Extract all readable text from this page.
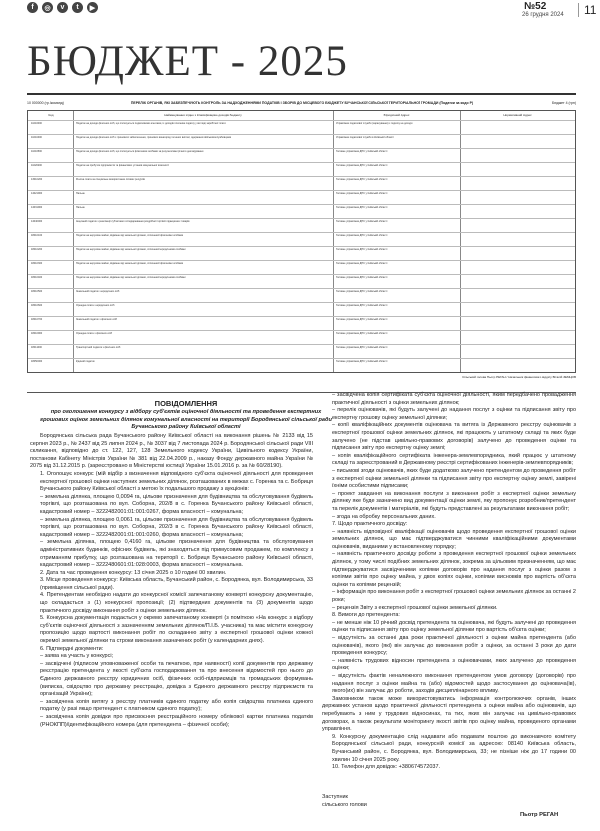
f	◎	v	t	▶	№52
26 грудня 2024 11
БЮДЖЕТ - 2025
10 000000 (гр.Ікоманд)	ПЕРЕЛІК ОРГАНІВ, ЯКІ ЗАБЕЗПЕЧУЮТЬ КОНТРОЛЬ ЗА НАДХОДЖЕННЯМИ ПОДАТКІВ І ЗБОРІВ ДО МІСЦЕВОГО БЮДЖЕТУ БУЧАНСЬКОЇ СІЛЬСЬКОЇ ТЕРИТОРІАЛЬНОЇ ГРОМАДИ (Податки за кодо Р)	Бюджет 4 (грн)
Код	Найменування згідно з Класифікацією доходів бюджету	Юридичний Адрес	Нормативний Адрес
11010000	Податок на доходи фізичних осіб, що сплачується податковими агентами, із доходів платника податку у вигляді заробітної плати	Управління податкової служби (зарахування) з податку на доходи
11010400	Податок на доходи фізичних осіб з грошового забезпечення, грошових винагород та інших виплат, одержаних військовослужбовцями	Управління податкової служби в Київській області
11010500	Податок на доходи фізичних осіб, що сплачується фізичними особами за результатами річного декларування	Головне управління ДПС у Київській області
11020200	Податок на прибуток підприємств та фінансових установ комунальної власності	Головне управління ДПС у Київській області
13010200	Рентна плата за спеціальне використання лісових ресурсів	Головне управління ДПС у Київській області
14021900	Пальне	Головне управління ДПС у Київській області
14031900	Пальне	Головне управління ДПС у Київській області
14040000	Акцизний податок з реалізації суб'єктами господарювання роздрібної торгівлі підакцизних товарів	Головне управління ДПС у Київській області
18010100	Податок на нерухоме майно, відмінне від земельної ділянки, сплачений фізичними особами	Головне управління ДПС у Київській області
18010200	Податок на нерухоме майно, відмінне від земельної ділянки, сплачений юридичними особами	Головне управління ДПС у Київській області
18010300	Податок на нерухоме майно, відмінне від земельної ділянки, сплачений фізичними особами	Головне управління ДПС у Київській області
18010400	Податок на нерухоме майно, відмінне від земельної ділянки, сплачений юридичними особами	Головне управління ДПС у Київській області
18010500	Земельний податок з юридичних осіб	Головне управління ДПС у Київській області
18010600	Орендна плата з юридичних осіб	Головне управління ДПС у Київській області
18010700	Земельний податок з фізичних осіб	Головне управління ДПС у Київській області
18010900	Орендна плата з фізичних осіб	Головне управління ДПС у Київській області
18011000	Транспортний податок з фізичних осіб	Головне управління ДПС у Київській області
18050000	Єдиний податок	Головне управління ДПС у Київській області
Сільський голова Пьотр РЕГАН / Начальник фінансового відділу Віталій ЗЕМЦОВ
ПОВІДОМЛЕННЯ
про оголошення конкурсу з відбору суб'єктів оціночної діяльності та проведення експертних грошових оцінок земельних ділянок комунальної власності на території Бородянської сільської ради Бучанського району Київської області

Бородянська сільська рада Бучанського району Київської області на виконання рішень № 2133 від 15 серпня 2023 р., № 2437 від 25 липня 2024 р., № 3037 від 7 листопада 2024 р. Бородянської сільської ради VIII скликання, відповідно до ст. 122, 127, 128 Земельного кодексу України, Цивільного кодексу України, постанови Кабінету Міністрів України № 381 від 22.04.2009 р., наказу Фонду державного майна України № 2075 від 31.12.2015 р. (зареєстровано в Міністерстві юстиції України 15.01.2016 р. за № 60/28190).

1. Оголошує конкурс (мій відбір з визначення відповідного суб'єкта оціночної діяльності для проведення експертної грошової оцінки наступних земельних ділянок, розташованих в межах с. Горенка та с. Бобриця Бучанського району Київської області з метою їх подальшого продажу з аукціонів:

– земельна ділянка, площею 0,0094 га, цільове призначення для будівництва та обслуговування будівель торгівлі, що розташована по вул. Соборна, 202/8 в с. Горенка Бучанського району Київської області, кадастровий номер – 3222482001:01:001:0267, форма власності – комунальна;

– земельна ділянка, площею 0,0061 га, цільове призначення для будівництва та обслуговування будівель торгівлі, що розташована по вул. Соборна, 202/3 в с. Горенка Бучанського району Київської області, кадастровий номер – 3222482001:01:001:0260, форма власності – комунальна;

– земельна ділянка, площею 0,4160 га, цільове призначення для будівництва та обслуговування адміністративних будинків, офісних будівель, які знаходяться під примусовим продажем, по комплексу з отриманням прибутку, що розташована на території с. Бобриця Бучанського району Київської області, кадастровий номер – 3222480601:01:028:0003, форма власності – комунальна.

2. Дата та час проведення конкурсу: 13 січня 2025 о 10 годині 00 хвилин.

3. Місце проведення конкурсу: Київська область, Бучанський район, с. Бородянка, вул. Володимирська, 33 (приміщення сільської ради).

4. Претендентам необхідно надати до конкурсної комісії запечатаному конверті конкурсну документацію, що складається з (1) конкурсної пропозиції; (2) підтвердних документів та (3) документів щодо практичного досвіду виконання робіт з оцінки земельних ділянок.

5. Конкурсна документація подається у окремо запечатаному конверті (з поміткою «На конкурс з відбору суб'єктів оціночної діяльності з зазначенням земельних ділянок/П.І.Б. учасника) та має містити конкурсну пропозицію щодо вартості виконання робіт по складанню звіту з експертної грошової оцінки кожної окремої земельної ділянки та строки виконання зазначених робіт (у календарних днях).

6. Підтвердні документи:

– заява на участь у конкурсі;

– засвідчені (підписом уповноваженої особи та печаткою, при наявності) копії документів про державну реєстрацію претендента у якості суб'єкта господарювання та про внесення відомостей про нього до Єдиного державного реєстру юридичних осіб, фізичних осіб-підприємців та громадських формувань (виписка, свідоцтво про державну реєстрацію, довідка з Єдиного державного реєстру підприємств та організацій України);

– засвідчена копія витягу з реєстру платників єдиного податку або копія свідоцтва платника єдиного податку (у разі якщо претендент є платником єдиного податку);

– засвідчена копія довідки про присвоєння реєстраційного номеру облікової картки платника податків (РНОКПП)/ідентифікаційного номера (для претендента – фізичної особи);

– засвідчена копія сертифіката суб'єкта оціночної діяльності, яким передбачено провадження практичної діяльності з оцінки земельних ділянок;

– перелік оцінювачів, які будуть залучені до надання послуг з оцінки та підписання звіту про експертну грошову оцінку земельної ділянки;

– копії кваліфікаційних документів оцінювача та витяга із Державного реєстру оцінювачів з експертної грошової оцінки земельних ділянок, які працюють у штатному складі та яких буде залучено (не підстав цивільно-правових договорів) залучено до проведення оцінки та підписання звіту про експертну оцінку землі;

– копія кваліфікаційного сертифіката інженера-землевпорядника, який працює у штатному складі та зареєстрований в Державному реєстрі сертифікованих інженерів-землевпорядників;

– письмові згоди оцінювачів, яких буде додатково залучено претендентом до проведення робіт з експертної оцінки земельної ділянки та підписання звіту про експертну оцінку землі, завірені їхніми особистими підписами;

– проект завдання на виконання послуги з виконання робіт з експертної оцінки земельну ділянку яке буде зазначено вид документації оцінки землі, яку пропонує розробник/претендент та перелік документів і матеріалів, які будуть представлені за результатами виконання робіт;

– згода на обробку персональних даних.

7. Щодо практичного досвіду:

– наявність відповідної кваліфікації оцінювачів щодо проведення експертної грошової оцінки земельних ділянок, що має підтверджуватися чинними кваліфікаційними документами оцінювачів, виданими у встановленому порядку;

– наявність практичного досвіду роботи з проведення експертної грошової оцінки земельних ділянок, у тому числі подібних земельних ділянок, зокрема за цільовим призначенням, що має підтверджуватися засвідченими копіями договорів про надання послуг з оцінки разом з копіями звітів про оцінку майна, у двох копіях оцінки, копіями висновків про вартість об'єкта оцінки та копіями рецензій;

– інформація про виконання робіт з експертної грошової оцінки земельних ділянок за останні 2 роки;

– рецензія Звіту з експертної грошової оцінки земельної ділянки.

8. Вимоги до претендента:

– не менше ніж 10 річний досвід претендента та оцінювача, які будуть залучені до проведення оцінки та підписання звіту про оцінку земельної ділянки про вартість об'єкта оцінки;

– відсутність за останні два роки практичної діяльності з оцінки майна претендента (або оцінювачів), якого (які) він залучає до виконання робіт з оцінки, за останні 3 роки до дати проведення конкурсу;

– наявність трудових відносин претендента з оцінювачами, яких залучено до проведення оцінки;

– відсутність фактів неналежного виконання претендентом умов договору (договорів) про надання послуг з оцінки майна та (або) відомостей щодо застосування до оцінювача(ів), якого(их) він залучає до роботи, заходів дисциплінарного впливу.

Замовником також може використовуватись інформація контролюючих органів, інших державних установ щодо практичної діяльності претендента з оцінки майна або оцінювачів, що перебувають з ним у трудових відносинах, та тих, яких він залучає на цивільно-правових договорах, а також результати моніторингу якості звітів про оцінку майна, проведеного органами управління.

9. Конкурсну документацію слід надавати або подавати поштою до виконавчого комітету Бородянської сільської ради, конкурсній комісії за адресою: 08140 Київська область, Бучанський район, с. Бородянка, вул. Володимирська, 33; не пізніше ніж до 17 години 00 хвилин 10 січня 2025 року.

10. Телефон для довідок: +380674572037.

Заступник
сільського голови
Пьотр РЕГАН
